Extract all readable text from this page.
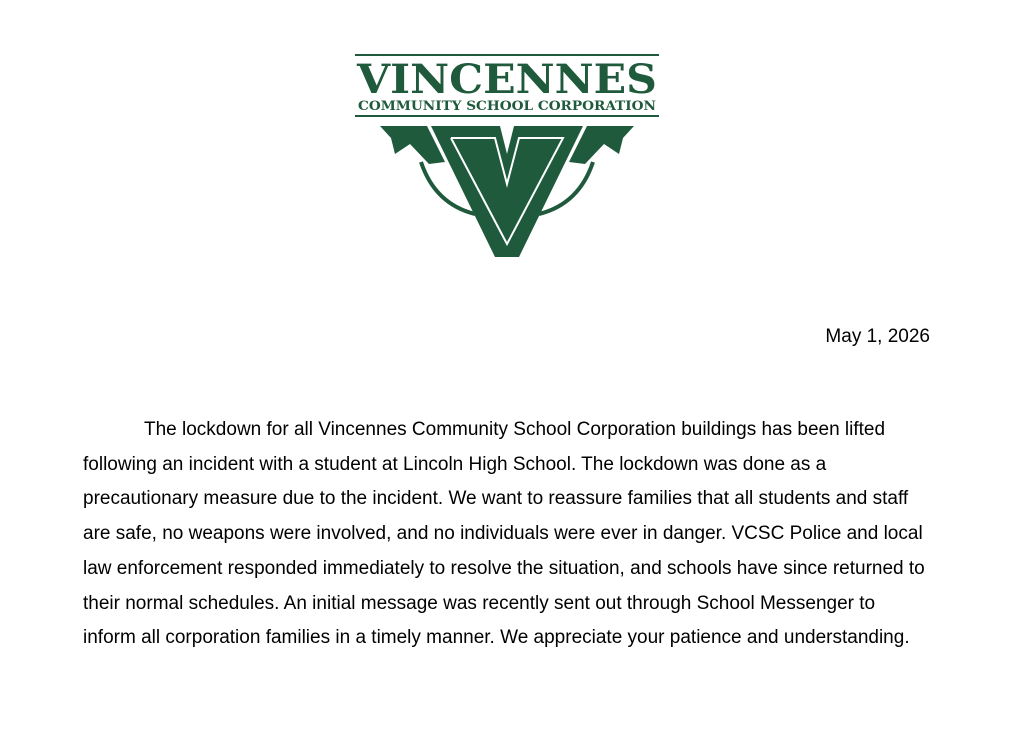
VINCENNES
COMMUNITY SCHOOL CORPORATION
May 1, 2026

The lockdown for all Vincennes Community School Corporation buildings has been lifted following an incident with a student at Lincoln High School. The lockdown was done as a precautionary measure due to the incident. We want to reassure families that all students and staff are safe, no weapons were involved, and no individuals were ever in danger. VCSC Police and local law enforcement responded immediately to resolve the situation, and schools have since returned to their normal schedules. An initial message was recently sent out through School Messenger to inform all corporation families in a timely manner. We appreciate your patience and understanding.
